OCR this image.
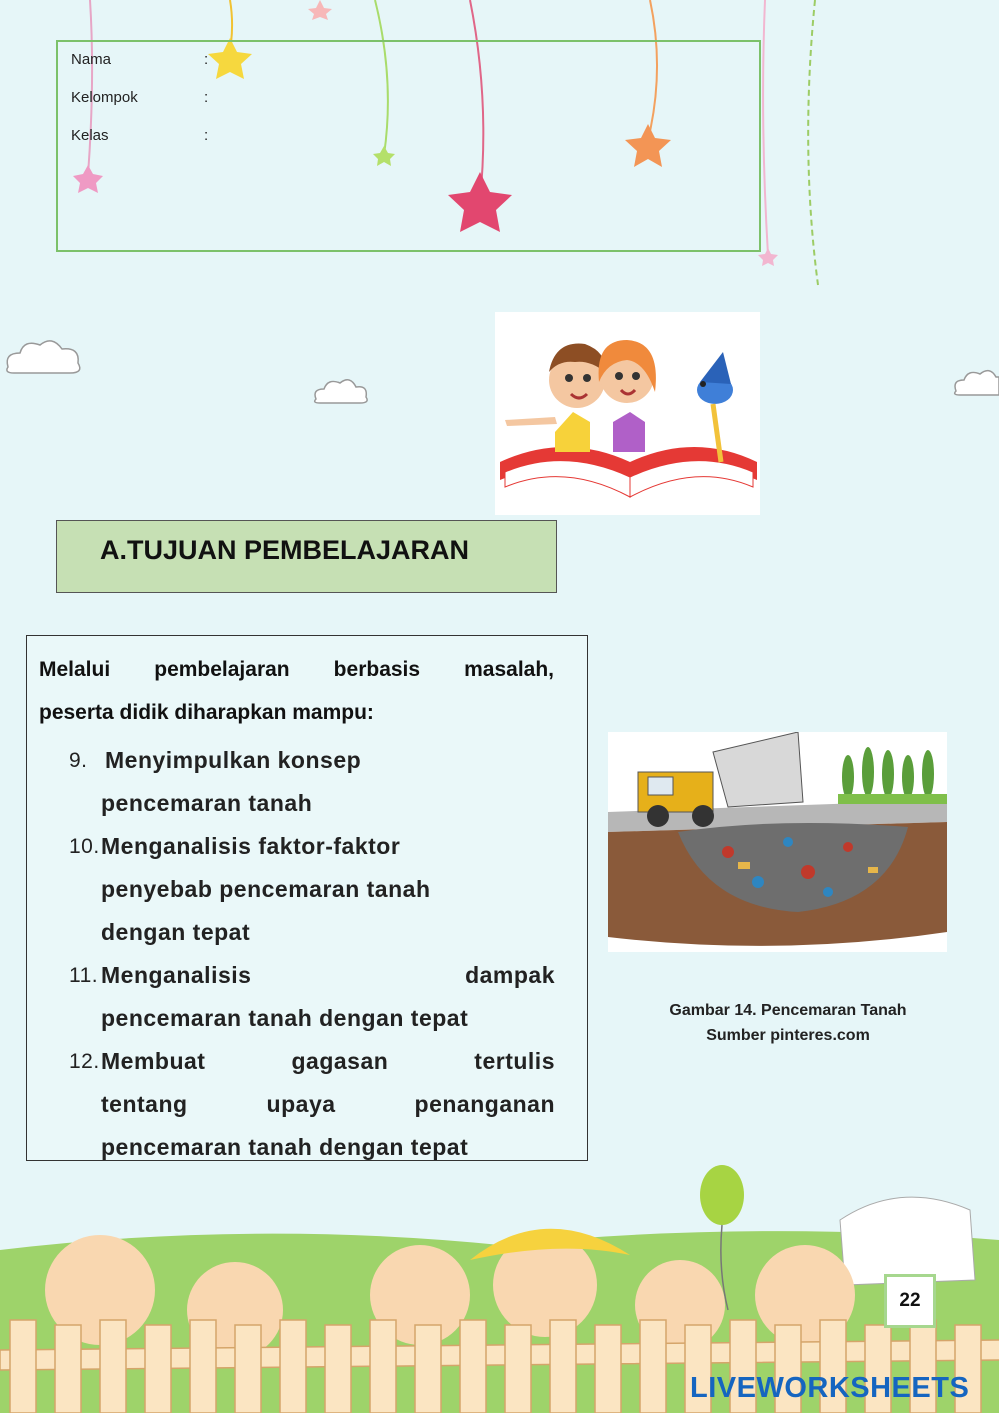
Nama	:
Kelompok	:
Kelas	:
A.TUJUAN PEMBELAJARAN
Melalui pembelajaran berbasis masalah,
peserta didik diharapkan mampu:
9. Menyimpulkan konsep
pencemaran tanah
10. Menganalisis faktor-faktor
penyebab pencemaran tanah
dengan tepat
11. Menganalisis dampak
pencemaran tanah dengan tepat
12. Membuat gagasan tertulis
tentang upaya penanganan
pencemaran tanah dengan tepat
Gambar 14. Pencemaran Tanah
Sumber pinteres.com
22
LIVEWORKSHEETS
